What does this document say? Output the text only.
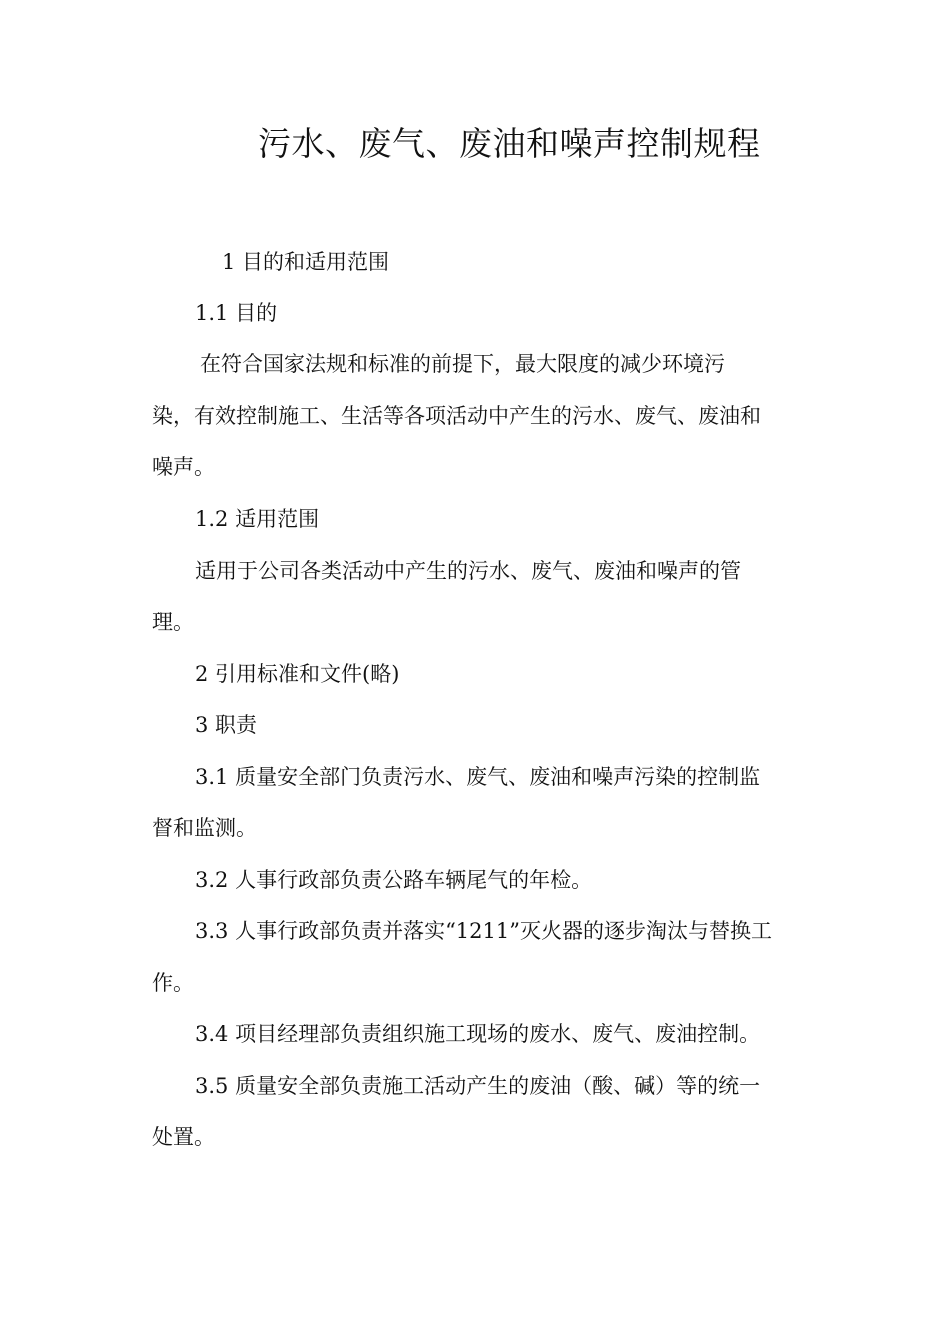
污水、废气、废油和噪声控制规程
1 目的和适用范围
1.1 目的
在符合国家法规和标准的前提下，最大限度的减少环境污
染，有效控制施工、生活等各项活动中产生的污水、废气、废油和
噪声。
1.2 适用范围
适用于公司各类活动中产生的污水、废气、废油和噪声的管
理。
2 引用标准和文件(略)
3 职责
3.1 质量安全部门负责污水、废气、废油和噪声污染的控制监
督和监测。
3.2 人事行政部负责公路车辆尾气的年检。
3.3 人事行政部负责并落实“1211”灭火器的逐步淘汰与替换工
作。
3.4 项目经理部负责组织施工现场的废水、废气、废油控制。
3.5 质量安全部负责施工活动产生的废油（酸、碱）等的统一
处置。
